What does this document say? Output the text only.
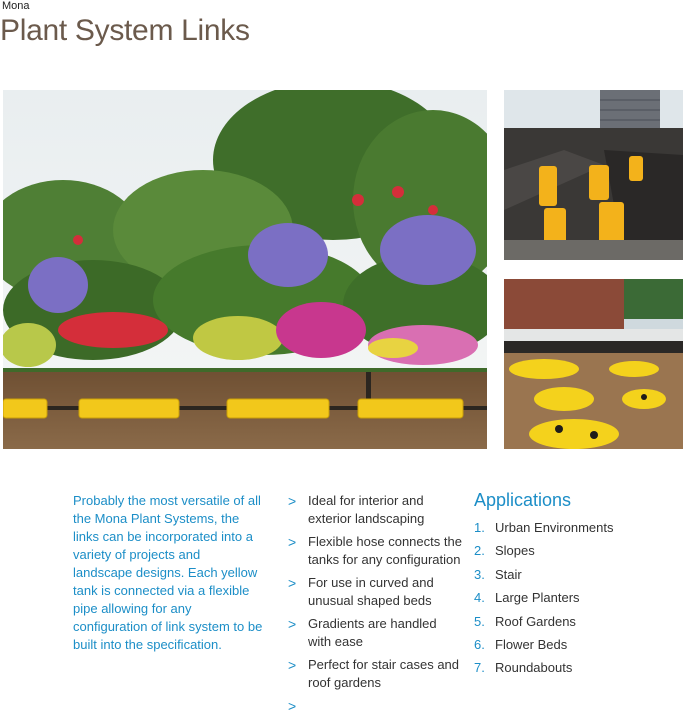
Mona
Plant System Links

Probably the most versatile of all the Mona Plant Systems, the links can be incorporated into a variety of projects and landscape designs. Each yellow tank is connected via a flexible pipe allowing for any configuration of link system to be built into the specification.

> Ideal for interior and exterior landscaping
> Flexible hose connects the tanks for any configuration
> For use in curved and unusual shaped beds
> Gradients are handled with ease
> Perfect for stair cases and roof gardens
>
Applications
1. Urban Environments
2. Slopes
3. Stair
4. Large Planters
5. Roof Gardens
6. Flower Beds
7. Roundabouts
